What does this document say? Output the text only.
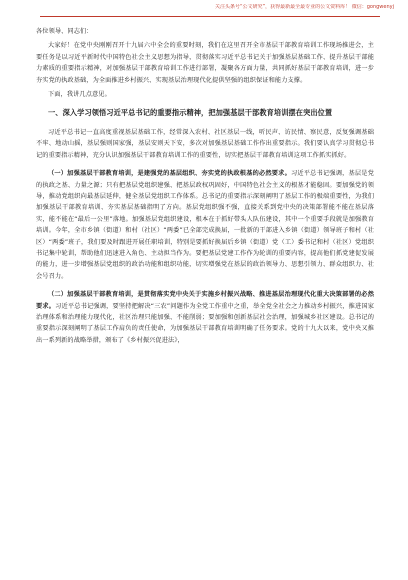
关注头条号“公文研究”，获得最新最全最专业的公文资料库！ 微信：gongwenyj

各位领导、同志们：

大家好！在党中央刚刚召开十九届六中全会的重要时刻，我们在这里召开全市基层干部教育培训工作现场推进会，主要任务是以习近平新时代中国特色社会主义思想为指导，贯彻落实习近平总书记关于加强基层基础工作、提升基层干部能力素质的重要指示精神，对加强基层干部教育培训工作进行部署，凝聚各方面力量，共同抓好基层干部教育培训，进一步夯实党的执政基础，为全面推进乡村振兴、实现基层治理现代化提供坚强的组织保证和能力支撑。

下面，我讲几点意见。

一、深入学习领悟习近平总书记的重要指示精神，把加强基层干部教育培训摆在突出位置

习近平总书记一直高度重视基层基础工作，经常深入农村、社区基层一线，听民声、访民情、察民意，反复强调基础不牢、地动山摇，基层强则国家强，基层安则天下安，多次对加强基层基础工作作出重要指示。我们要认真学习贯彻总书记的重要指示精神，充分认识加强基层干部教育培训工作的重要性，切实把基层干部教育培训这项工作抓实抓好。

（一）加强基层干部教育培训，是建强党的基层组织、夯实党的执政根基的必然要求。习近平总书记强调，基层是党的执政之基、力量之源；只有把基层党组织建强、把基层政权巩固好，中国特色社会主义的根基才能稳固。要加强党的领导，推动党组织向最基层延伸，健全基层党组织工作体系。总书记的重要指示深刻阐明了基层工作的极端重要性，为我们加强基层干部教育培训、夯实基层基础指明了方向。基层党组织强不强，直接关系到党中央的决策部署能不能在基层落实，能不能在“最后一公里”落地。加强基层党组织建设，根本在于抓好带头人队伍建设，其中一个重要手段就是加强教育培训。今年，全市乡镇（街道）和村（社区）“两委”已全部完成换届，一批新的干部进入乡镇（街道）领导班子和村（社区）“两委”班子，我们要及时跟进开展任职培训，特别是要抓好换届后乡镇（街道）党（工）委书记和村（社区）党组织书记集中轮训，帮助他们迅速进入角色、主动担当作为。要把基层党建工作作为轮训的重要内容，提高他们抓党建促发展的能力，进一步增强基层党组织的政治功能和组织功能，切实增强党在基层的政治领导力、思想引领力、群众组织力、社会号召力。

（二）加强基层干部教育培训，是贯彻落实党中央关于实施乡村振兴战略、推进基层治理现代化重大决策部署的必然要求。习近平总书记强调，要坚持把解决“三农”问题作为全党工作重中之重，举全党全社会之力推动乡村振兴，推进国家治理体系和治理能力现代化，社区治理只能加强、不能削弱；要加强和创新基层社会治理，加强城乡社区建设。总书记的重要指示深刻阐明了基层工作肩负的责任使命，为加强基层干部教育培训明确了任务要求。党的十九大以来，党中央又推出一系列新的战略举措，颁布了《乡村振兴促进法》，
